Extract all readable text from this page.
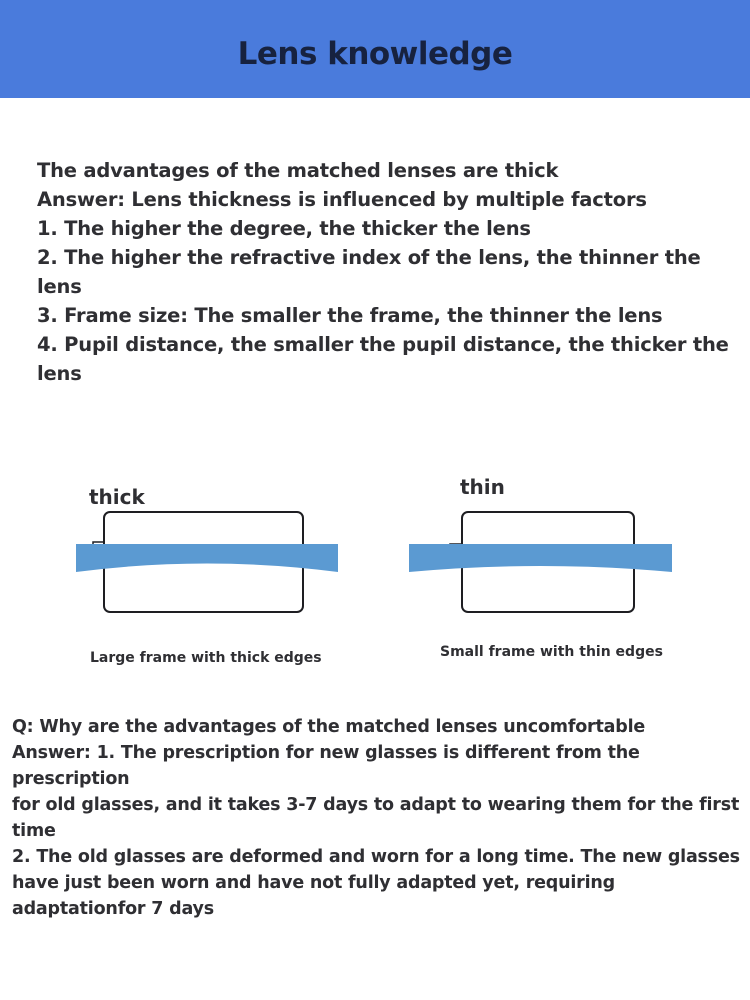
Lens knowledge

The advantages of the matched lenses are thick

Answer: Lens thickness is influenced by multiple factors

1. The higher the degree, the thicker the lens

2. The higher the refractive index of the lens, the thinner the lens

3. Frame size: The smaller the frame, the thinner the lens

4. Pupil distance, the smaller the pupil distance, the thicker the lens

thick	thin
Large frame with thick edges	Small frame with thin edges

Q: Why are the advantages of the matched lenses uncomfortable

Answer: 1. The prescription for new glasses is different from the prescription

for old glasses, and it takes 3-7 days to adapt to wearing them for the first time

2. The old glasses are deformed and worn for a long time. The new glasses

have just been worn and have not fully adapted yet, requiring adaptationfor 7 days
